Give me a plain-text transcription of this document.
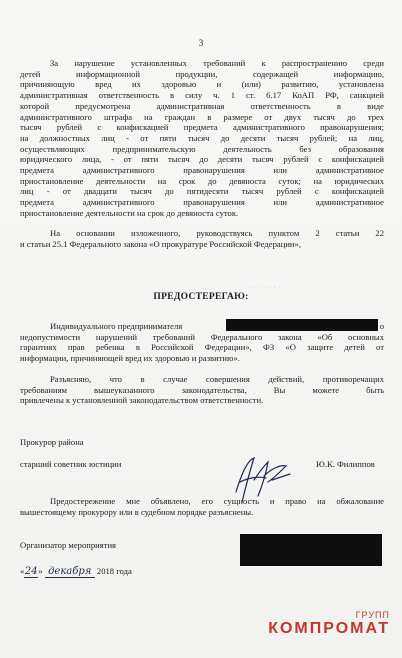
3
За нарушение установленных требований к распространению среди
детей информационной продукции, содержащей информацию,
причиняющую вред их здоровью и (или) развитию, установлена
административная ответственность в силу ч. 1 ст. 6.17 КоАП РФ, санкцией
которой предусмотрена административная ответственность в виде
административного штрафа на граждан в размере от двух тысяч до трех
тысяч рублей с конфискацией предмета административного правонарушения;
на должностных лиц - от пяти тысяч до десяти тысяч рублей; на лиц,
осуществляющих предпринимательскую деятельность без образования
юридического лица, - от пяти тысяч до десяти тысяч рублей с конфискацией
предмета административного правонарушения или административное
приостановление деятельности на срок до девяноста суток; на юридических
лиц - от двадцати тысяч до пятидесяти тысяч рублей с конфискацией
предмета административного правонарушения или административное
приостановление деятельности на срок до девяноста суток.
На основании изложенного, руководствуясь пунктом 2 статьи 22
и статьи 25.1 Федерального закона «О прокуратуре Российской Федерации»,
· · · · · · ·
ПРЕДОСТЕРЕГАЮ:
Индивидуального предпринимателя	о
недопустимости нарушений требований Федерального закона «Об основных
гарантиях прав ребенка в Российской Федерации», ФЗ «О защите детей от
информации, причиняющей вред их здоровью и развитию».
Разъясняю, что в случае совершения действий, противоречащих
требованиям вышеуказанного законодательства, Вы можете быть
привлечены к установленной законодательством ответственности.
Прокурор района
старший советник юстиции	Ю.К. Филиппов
Предостережение мне объявлено, его сущность и право на обжалование
вышестоящему прокурору или в судебном порядке разъяснены.
Организатор мероприятия
«24» декабря 2018 года
ГРУПП
КОМПРОМАТ
